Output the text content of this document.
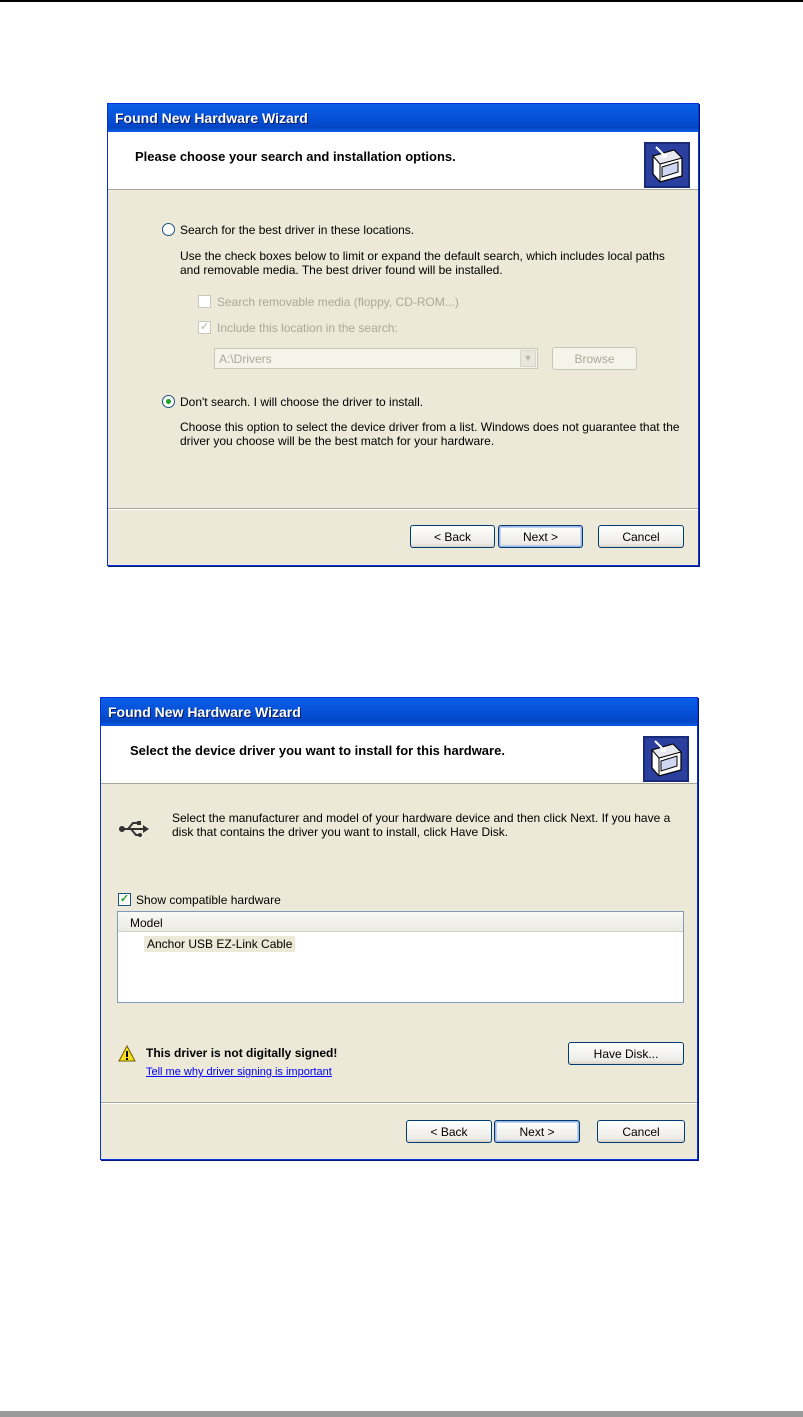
Found New Hardware Wizard
Please choose your search and installation options.
Search for the best driver in these locations.
Use the check boxes below to limit or expand the default search, which includes local paths and removable media. The best driver found will be installed.
Search removable media (floppy, CD-ROM...)
✓ Include this location in the search:
A:\Drivers	▼	Browse
Don't search. I will choose the driver to install.
Choose this option to select the device driver from a list. Windows does not guarantee that the driver you choose will be the best match for your hardware.
< Back	Next >	Cancel
Found New Hardware Wizard
Select the device driver you want to install for this hardware.
Select the manufacturer and model of your hardware device and then click Next. If you have a disk that contains the driver you want to install, click Have Disk.
✓ Show compatible hardware
Model
Anchor USB EZ-Link Cable
This driver is not digitally signed!
Tell me why driver signing is important
Have Disk...
< Back	Next >	Cancel
